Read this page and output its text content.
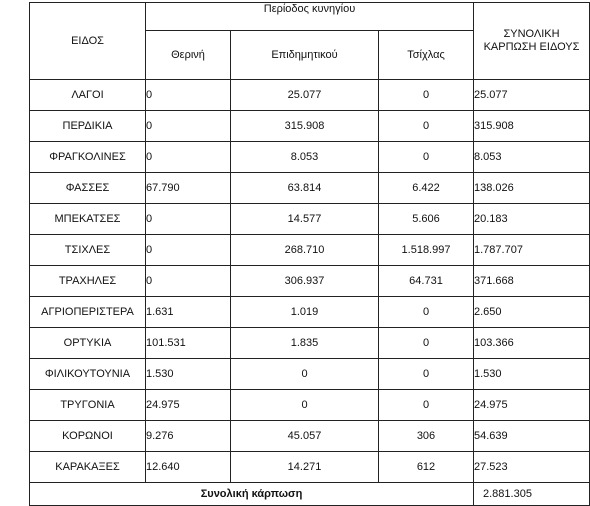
ΕΙΔΟΣ	Περίοδος κυνηγίου			ΣΥΝΟΛΙΚΗ
ΚΑΡΠΩΣΗ ΕΙΔΟΥΣ
	Θερινή	Επιδημητικού	Τσίχλας	
ΛΑΓΟΙ	0	25.077	0	25.077
ΠΕΡΔΙΚΙΑ	0	315.908	0	315.908
ΦΡΑΓΚΟΛΙΝΕΣ	0	8.053	0	8.053
ΦΑΣΣΕΣ	67.790	63.814	6.422	138.026
ΜΠΕΚΑΤΣΕΣ	0	14.577	5.606	20.183
ΤΣΙΧΛΕΣ	0	268.710	1.518.997	1.787.707
ΤΡΑΧΗΛΕΣ	0	306.937	64.731	371.668
ΑΓΡΙΟΠΕΡΙΣΤΕΡΑ	1.631	1.019	0	2.650
ΟΡΤΥΚΙΑ	101.531	1.835	0	103.366
ΦΙΛΙΚΟΥΤΟΥΝΙΑ	1.530	0	0	1.530
ΤΡΥΓΟΝΙΑ	24.975	0	0	24.975
ΚΟΡΩΝΟΙ	9.276	45.057	306	54.639
ΚΑΡΑΚΑΞΕΣ	12.640	14.271	612	27.523
Συνολική κάρπωση				2.881.305
